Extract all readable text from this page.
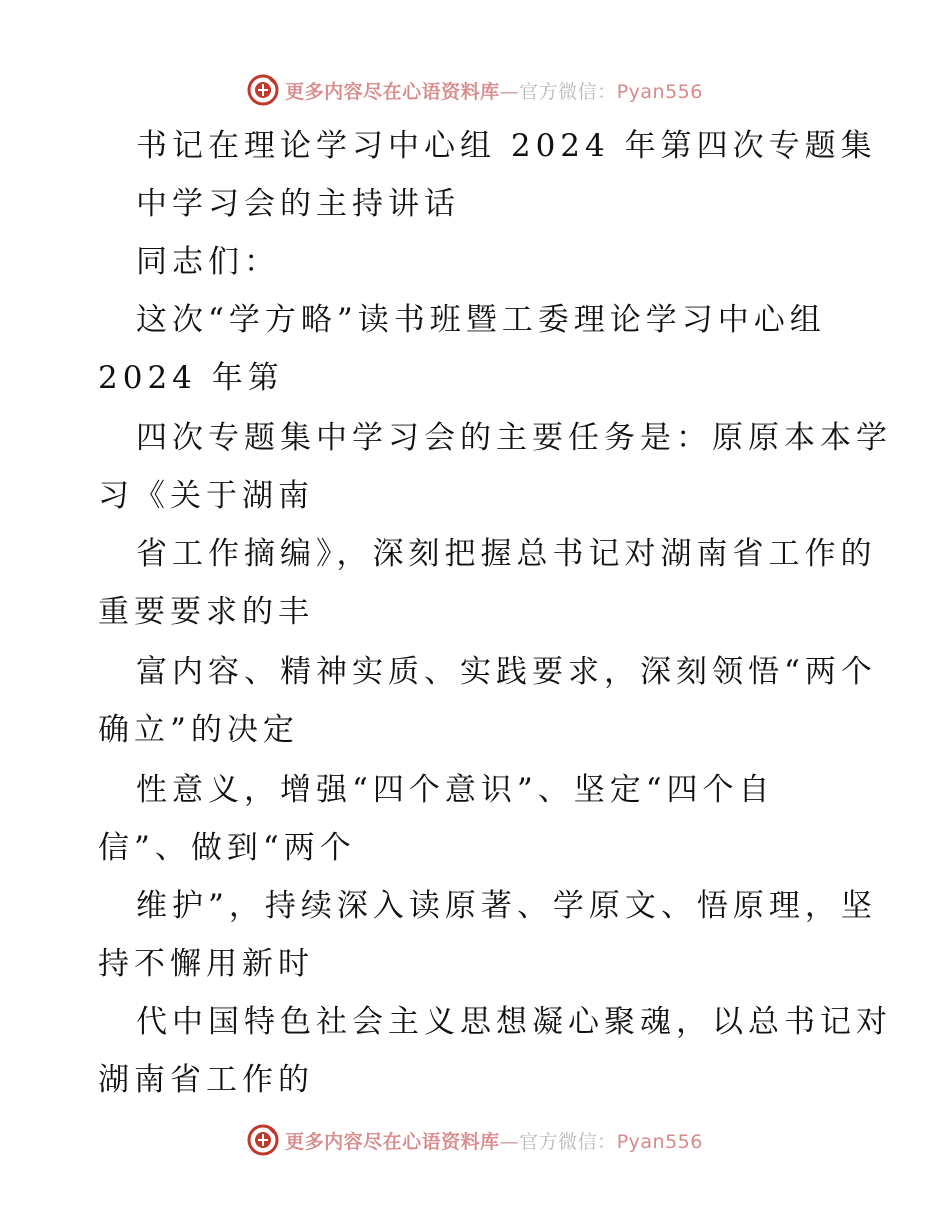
更多内容尽在心语资料库—官方微信：Pyan556
书记在理论学习中心组 2024 年第四次专题集
中学习会的主持讲话
同志们：
这次“学方略”读书班暨工委理论学习中心组
2024 年第
四次专题集中学习会的主要任务是：原原本本学
习《关于湖南
省工作摘编》，深刻把握总书记对湖南省工作的
重要要求的丰
富内容、精神实质、实践要求，深刻领悟“两个
确立”的决定
性意义，增强“四个意识”、坚定“四个自
信”、做到“两个
维护”，持续深入读原著、学原文、悟原理，坚
持不懈用新时
代中国特色社会主义思想凝心聚魂，以总书记对
湖南省工作的
更多内容尽在心语资料库—官方微信：Pyan556
